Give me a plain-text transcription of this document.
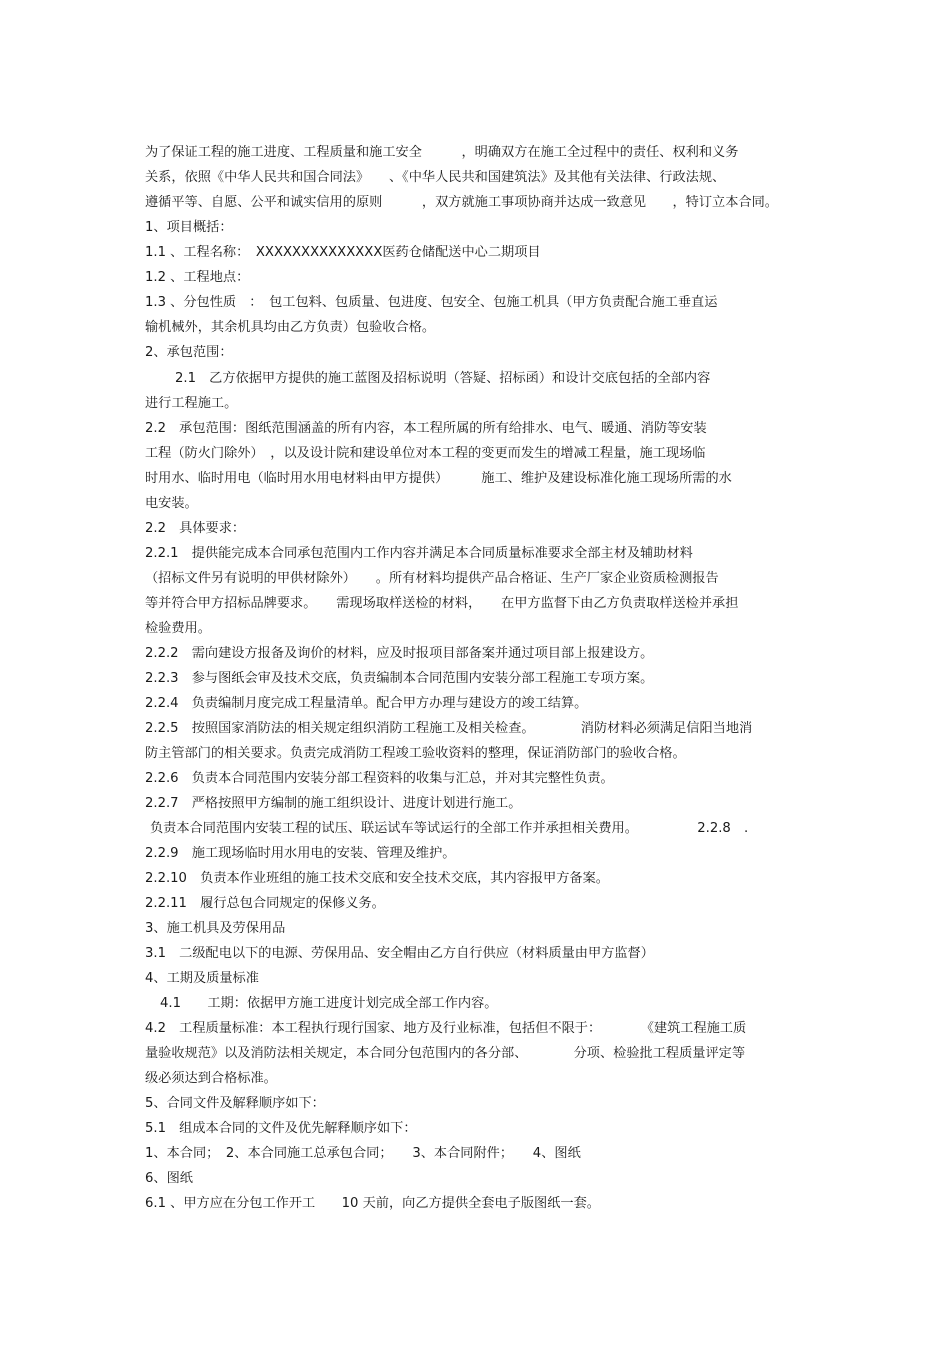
为了保证工程的施工进度、工程质量和施工安全　　　，明确双方在施工全过程中的责任、权利和义务
关系，依照《中华人民共和国合同法》　　、《中华人民共和国建筑法》及其他有关法律、行政法规、
遵循平等、自愿、公平和诚实信用的原则　　　，双方就施工事项协商并达成一致意见　　，特订立本合同。
1、项目概括：
1.1 、工程名称：　XXXXXXXXXXXXXX医药仓储配送中心二期项目
1.2 、工程地点：
1.3 、分包性质　：　包工包料、包质量、包进度、包安全、包施工机具（甲方负责配合施工垂直运
输机械外，其余机具均由乙方负责）包验收合格。
2、承包范围：
2.1　乙方依据甲方提供的施工蓝图及招标说明（答疑、招标函）和设计交底包括的全部内容
进行工程施工。
2.2　承包范围：图纸范围涵盖的所有内容，本工程所属的所有给排水、电气、暖通、消防等安装
工程（防火门除外）　，以及设计院和建设单位对本工程的变更而发生的增减工程量，施工现场临
时用水、临时用电（临时用水用电材料由甲方提供）　　　施工、维护及建设标准化施工现场所需的水
电安装。
2.2　具体要求：
2.2.1　提供能完成本合同承包范围内工作内容并满足本合同质量标准要求全部主材及辅助材料
（招标文件另有说明的甲供材除外）　　。所有材料均提供产品合格证、生产厂家企业资质检测报告
等并符合甲方招标品牌要求。　　需现场取样送检的材料，　　在甲方监督下由乙方负责取样送检并承担
检验费用。
2.2.2　需向建设方报备及询价的材料，应及时报项目部备案并通过项目部上报建设方。
2.2.3　参与图纸会审及技术交底，负责编制本合同范围内安装分部工程施工专项方案。
2.2.4　负责编制月度完成工程量清单。配合甲方办理与建设方的竣工结算。
2.2.5　按照国家消防法的相关规定组织消防工程施工及相关检查。　　　　消防材料必须满足信阳当地消
防主管部门的相关要求。负责完成消防工程竣工验收资料的整理，保证消防部门的验收合格。
2.2.6　负责本合同范围内安装分部工程资料的收集与汇总，并对其完整性负责。
2.2.7　严格按照甲方编制的施工组织设计、进度计划进行施工。
负责本合同范围内安装工程的试压、联运试车等试运行的全部工作并承担相关费用。　　　　　2.2.8　.
2.2.9　施工现场临时用水用电的安装、管理及维护。
2.2.10　负责本作业班组的施工技术交底和安全技术交底，其内容报甲方备案。
2.2.11　履行总包合同规定的保修义务。
3、施工机具及劳保用品
3.1　二级配电以下的电源、劳保用品、安全帽由乙方自行供应（材料质量由甲方监督）
4、工期及质量标准
4.1　　工期：依据甲方施工进度计划完成全部工作内容。
4.2　工程质量标准：本工程执行现行国家、地方及行业标准，包括但不限于：　　　　《建筑工程施工质
量验收规范》以及消防法相关规定，本合同分包范围内的各分部、　　　　分项、检验批工程质量评定等
级必须达到合格标准。
5、合同文件及解释顺序如下：
5.1　组成本合同的文件及优先解释顺序如下：
1、本合同；　2、本合同施工总承包合同；　　3、本合同附件；　　4、图纸
6、图纸
6.1 、甲方应在分包工作开工　　10 天前，向乙方提供全套电子版图纸一套。
